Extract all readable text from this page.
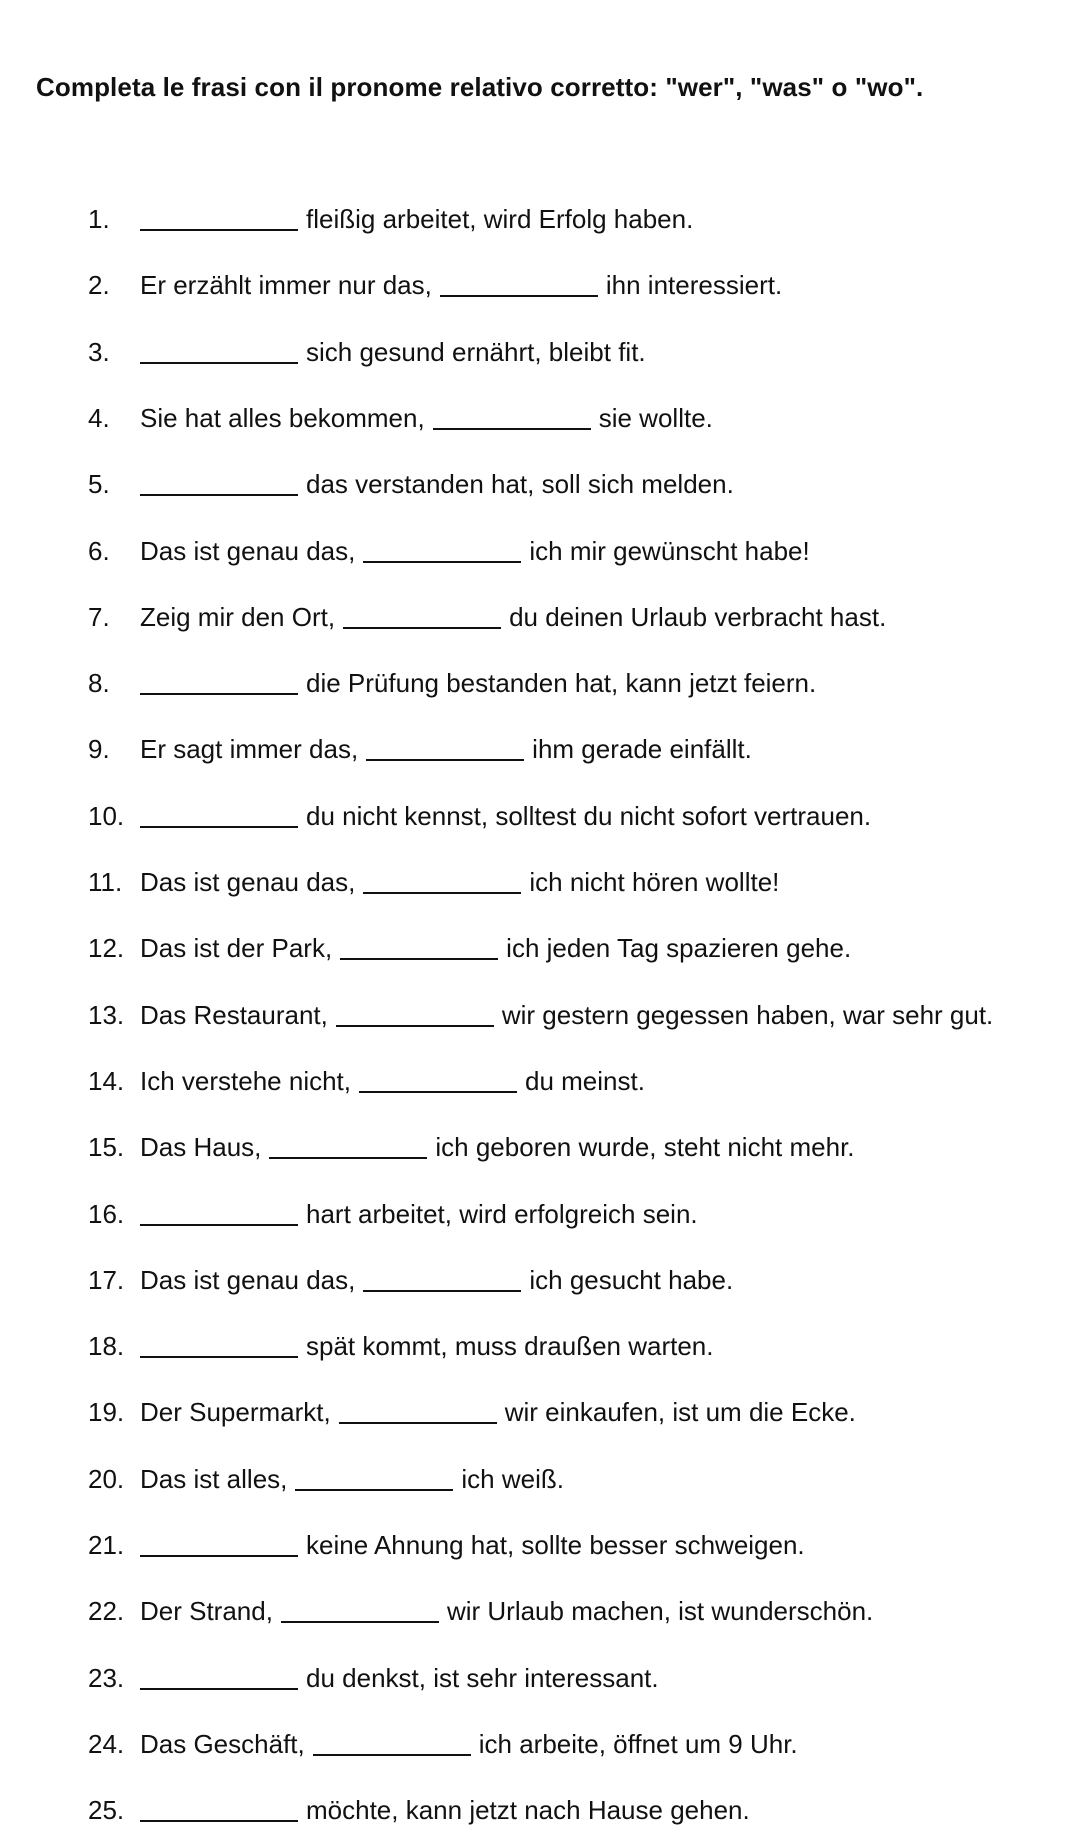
Completa le frasi con il pronome relativo corretto: "wer", "was" o "wo".
1.	fleißig arbeitet, wird Erfolg haben.
2. Er erzählt immer nur das,	ihn interessiert.
3.	sich gesund ernährt, bleibt fit.
4. Sie hat alles bekommen,	sie wollte.
5.	das verstanden hat, soll sich melden.
6. Das ist genau das,	ich mir gewünscht habe!
7. Zeig mir den Ort,	du deinen Urlaub verbracht hast.
8.	die Prüfung bestanden hat, kann jetzt feiern.
9. Er sagt immer das,	ihm gerade einfällt.
10.	du nicht kennst, solltest du nicht sofort vertrauen.
11. Das ist genau das,	ich nicht hören wollte!
12. Das ist der Park,	ich jeden Tag spazieren gehe.
13. Das Restaurant,	wir gestern gegessen haben, war sehr gut.
14. Ich verstehe nicht,	du meinst.
15. Das Haus,	ich geboren wurde, steht nicht mehr.
16.	hart arbeitet, wird erfolgreich sein.
17. Das ist genau das,	ich gesucht habe.
18.	spät kommt, muss draußen warten.
19. Der Supermarkt,	wir einkaufen, ist um die Ecke.
20. Das ist alles,	ich weiß.
21.	keine Ahnung hat, sollte besser schweigen.
22. Der Strand,	wir Urlaub machen, ist wunderschön.
23.	du denkst, ist sehr interessant.
24. Das Geschäft,	ich arbeite, öffnet um 9 Uhr.
25.	möchte, kann jetzt nach Hause gehen.
